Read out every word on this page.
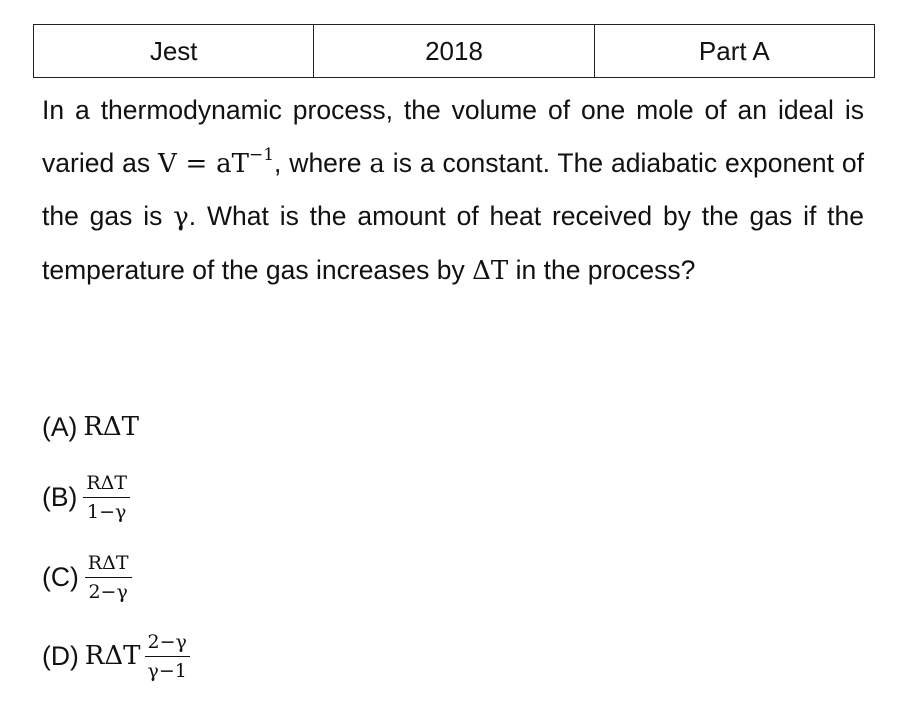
Jest	2018	Part A

In a thermodynamic process, the volume of one mole of an ideal is varied as $V = aT^{-1}$, where a is a constant. The adiabatic exponent of the gas is γ. What is the amount of heat received by the gas if the temperature of the gas increases by ΔT in the process?

(A) RΔT
$(B) \frac{\text{RΔT}}{1-\gamma}$
$(C) \frac{\text{RΔT}}{2-\gamma}$
(D) RΔT $\frac{2-\gamma}{\gamma-1}$
